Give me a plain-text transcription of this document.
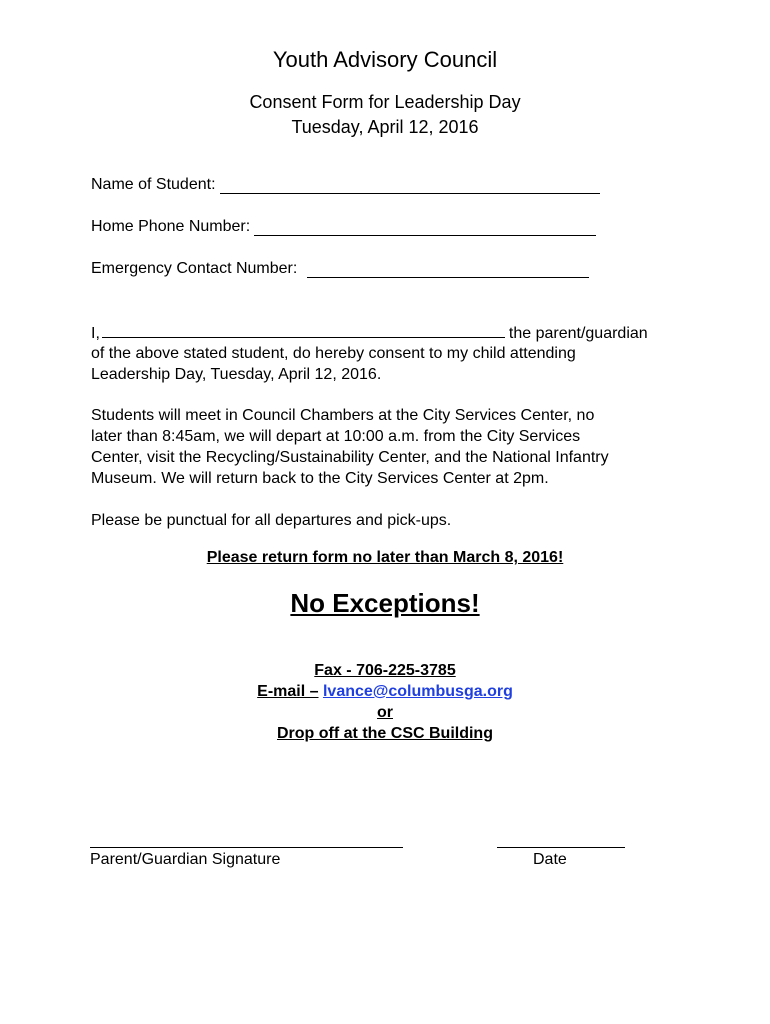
Youth Advisory Council
Consent Form for Leadership Day
Tuesday, April 12, 2016
Name of Student:
Home Phone Number:
Emergency Contact Number:
I,	the parent/guardian
of the above stated student, do hereby consent to my child attending
Leadership Day, Tuesday, April 12, 2016.
Students will meet in Council Chambers at the City Services Center, no
later than 8:45am, we will depart at 10:00 a.m. from the City Services
Center, visit the Recycling/Sustainability Center, and the National Infantry
Museum. We will return back to the City Services Center at 2pm.
Please be punctual for all departures and pick-ups.
Please return form no later than March 8, 2016!
No Exceptions!
Fax - 706-225-3785
E-mail – lvance@columbusga.org
or
Drop off at the CSC Building
Parent/Guardian Signature	Date
